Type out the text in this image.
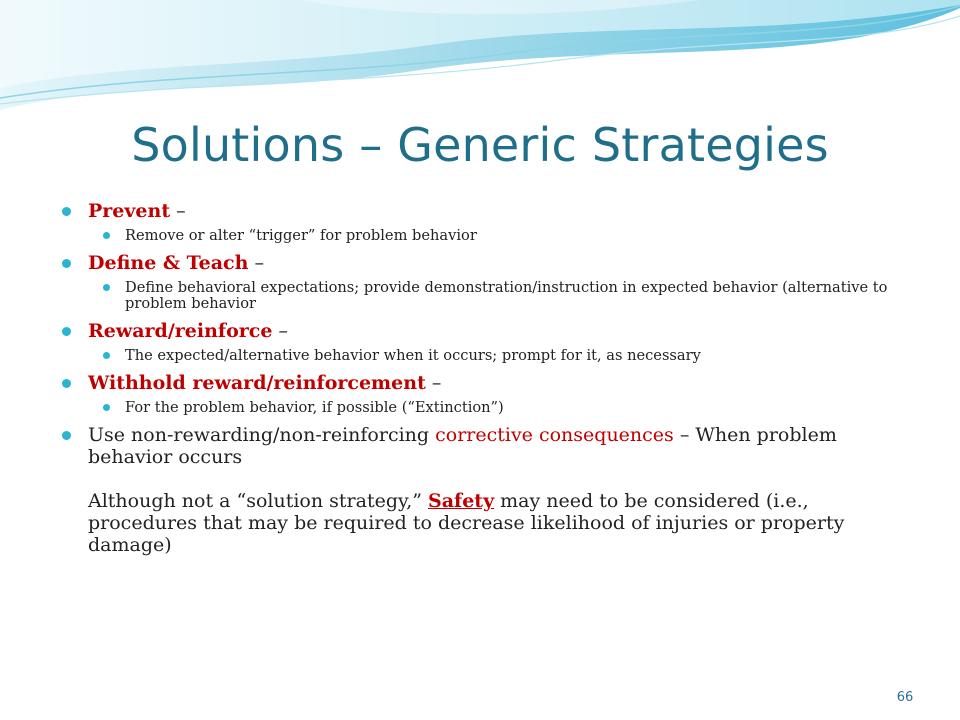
Solutions – Generic Strategies
Prevent –
Remove or alter “trigger” for problem behavior
Define & Teach –
Define behavioral expectations; provide demonstration/instruction in expected behavior (alternative to problem behavior
Reward/reinforce –
The expected/alternative behavior when it occurs; prompt for it, as necessary
Withhold reward/reinforcement –
For the problem behavior, if possible (“Extinction”)
Use non-rewarding/non-reinforcing corrective consequences – When problem behavior occurs
Although not a “solution strategy,” Safety may need to be considered (i.e., procedures that may be required to decrease likelihood of injuries or property damage)
66
